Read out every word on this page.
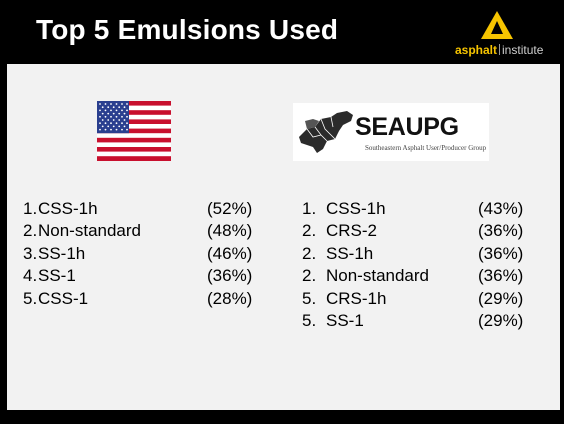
Top 5 Emulsions Used
asphalt institute
SEAUPG
Southeastern Asphalt User/Producer Group
1. CSS-1h	(52%)
2. Non-standard	(48%)
3. SS-1h	(46%)
4. SS-1	(36%)
5. CSS-1	(28%)
1. CSS-1h	(43%)
2. CRS-2	(36%)
2. SS-1h	(36%)
2. Non-standard	(36%)
5. CRS-1h	(29%)
5. SS-1	(29%)
